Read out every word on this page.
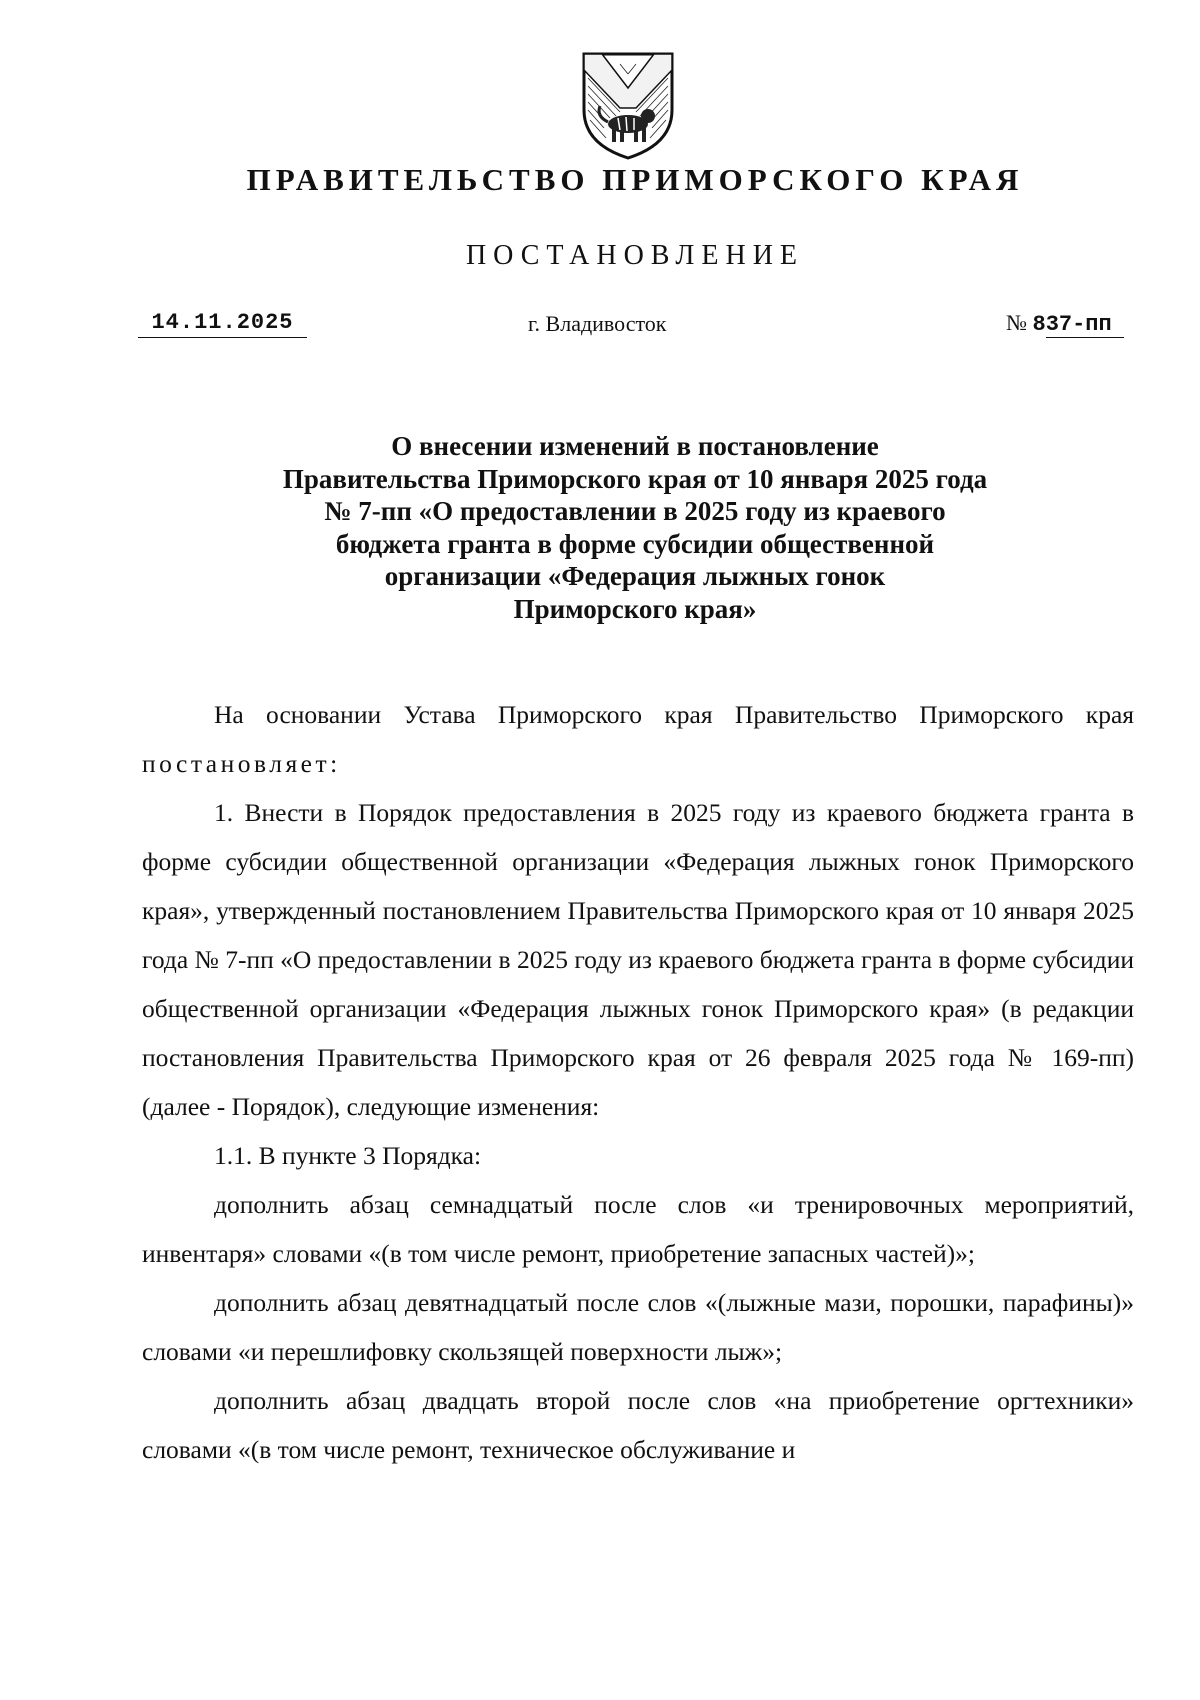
ПРАВИТЕЛЬСТВО ПРИМОРСКОГО КРАЯ
ПОСТАНОВЛЕНИЕ
14.11.2025	г. Владивосток	№ 837-пп
О внесении изменений в постановление
Правительства Приморского края от 10 января 2025 года
№ 7-пп «О предоставлении в 2025 году из краевого
бюджета гранта в форме субсидии общественной
организации «Федерация лыжных гонок
Приморского края»

На основании Устава Приморского края Правительство Приморского края постановляет:

1. Внести в Порядок предоставления в 2025 году из краевого бюджета гранта в форме субсидии общественной организации «Федерация лыжных гонок Приморского края», утвержденный постановлением Правительства Приморского края от 10 января 2025 года № 7-пп «О предоставлении в 2025 году из краевого бюджета гранта в форме субсидии общественной организации «Федерация лыжных гонок Приморского края» (в редакции постановления Правительства Приморского края от 26 февраля 2025 года № 169-пп) (далее - Порядок), следующие изменения:

1.1. В пункте 3 Порядка:

дополнить абзац семнадцатый после слов «и тренировочных мероприятий, инвентаря» словами «(в том числе ремонт, приобретение запасных частей)»;

дополнить абзац девятнадцатый после слов «(лыжные мази, порошки, парафины)» словами «и перешлифовку скользящей поверхности лыж»;

дополнить абзац двадцать второй после слов «на приобретение оргтехники» словами «(в том числе ремонт, техническое обслуживание и
